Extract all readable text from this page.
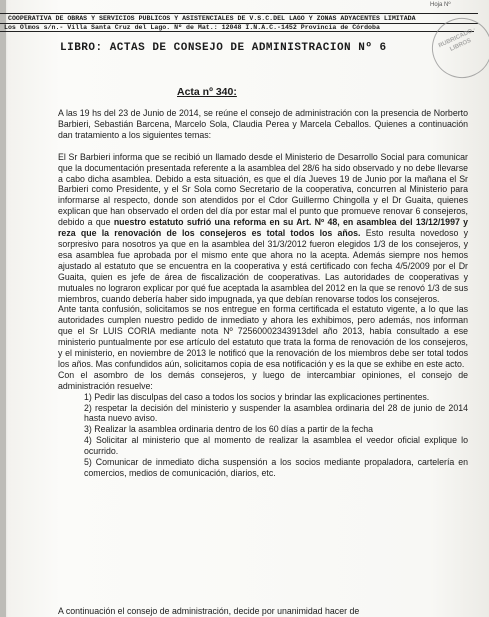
Hoja Nº
COOPERATIVA DE OBRAS Y SERVICIOS PUBLICOS Y ASISTENCIALES DE V.S.C.DEL LAGO Y ZONAS ADYACENTES LIMITADA
Los Olmos s/n.- Villa Santa Cruz del Lago. Nº de Mat.: 12048 I.N.A.C.-1452 Provincia de Córdoba	RUBRICADO · LIBROS
LIBRO: ACTAS DE CONSEJO DE ADMINISTRACION Nº 6
Acta nº 340:

A las 19 hs del 23 de Junio de 2014, se reúne el consejo de administración con la presencia de Norberto Barbieri, Sebastián Barcena, Marcelo Sola, Claudia Perea y Marcela Ceballos. Quienes a continuación dan tratamiento a los siguientes temas:

El Sr Barbieri informa que se recibió un llamado desde el Ministerio de Desarrollo Social para comunicar que la documentación presentada referente a la asamblea del 28/6 ha sido observado y no debe llevarse a cabo dicha asamblea. Debido a esta situación, es que el día Jueves 19 de Junio por la mañana el Sr Barbieri como Presidente, y el Sr Sola como Secretario de la cooperativa, concurren al Ministerio para informarse al respecto, donde son atendidos por el Cdor Guillermo Chingolla y el Dr Guaita, quienes explican que han observado el orden del día por estar mal el punto que promueve renovar 6 consejeros, debido a que nuestro estatuto sufrió una reforma en su Art. Nº 48, en asamblea del 13/12/1997 y reza que la renovación de los consejeros es total todos los años. Esto resulta novedoso y sorpresivo para nosotros ya que en la asamblea del 31/3/2012 fueron elegidos 1/3 de los consejeros, y esa asamblea fue aprobada por el mismo ente que ahora no la acepta. Además siempre nos hemos ajustado al estatuto que se encuentra en la cooperativa y está certificado con fecha 4/5/2009 por el Dr Guaita, quien es jefe de área de fiscalización de cooperativas. Las autoridades de cooperativas y mutuales no lograron explicar por qué fue aceptada la asamblea del 2012 en la que se renovó 1/3 de sus miembros, cuando debería haber sido impugnada, ya que debían renovarse todos los consejeros.

Ante tanta confusión, solicitamos se nos entregue en forma certificada el estatuto vigente, a lo que las autoridades cumplen nuestro pedido de inmediato y ahora les exhibimos, pero además, nos informan que el Sr LUIS CORIA mediante nota Nº 72560002343913del año 2013, había consultado a ese ministerio puntualmente por ese artículo del estatuto que trata la forma de renovación de los consejeros, y el ministerio, en noviembre de 2013 le notificó que la renovación de los miembros debe ser total todos los años. Mas confundidos aún, solicitamos copia de esa notificación y es la que se exhibe en este acto.

Con el asombro de los demás consejeros, y luego de intercambiar opiniones, el consejo de administración resuelve:

1) Pedir las disculpas del caso a todos los socios y brindar las explicaciones pertinentes.

2) respetar la decisión del ministerio y suspender la asamblea ordinaria del 28 de junio de 2014 hasta nuevo aviso.

3) Realizar la asamblea ordinaria dentro de los 60 días a partir de la fecha

4) Solicitar al ministerio que al momento de realizar la asamblea el veedor oficial explique lo ocurrido.

5) Comunicar de inmediato dicha suspensión a los socios mediante propaladora, cartelería en comercios, medios de comunicación, diarios, etc.

A continuación el consejo de administración, decide por unanimidad hacer de
